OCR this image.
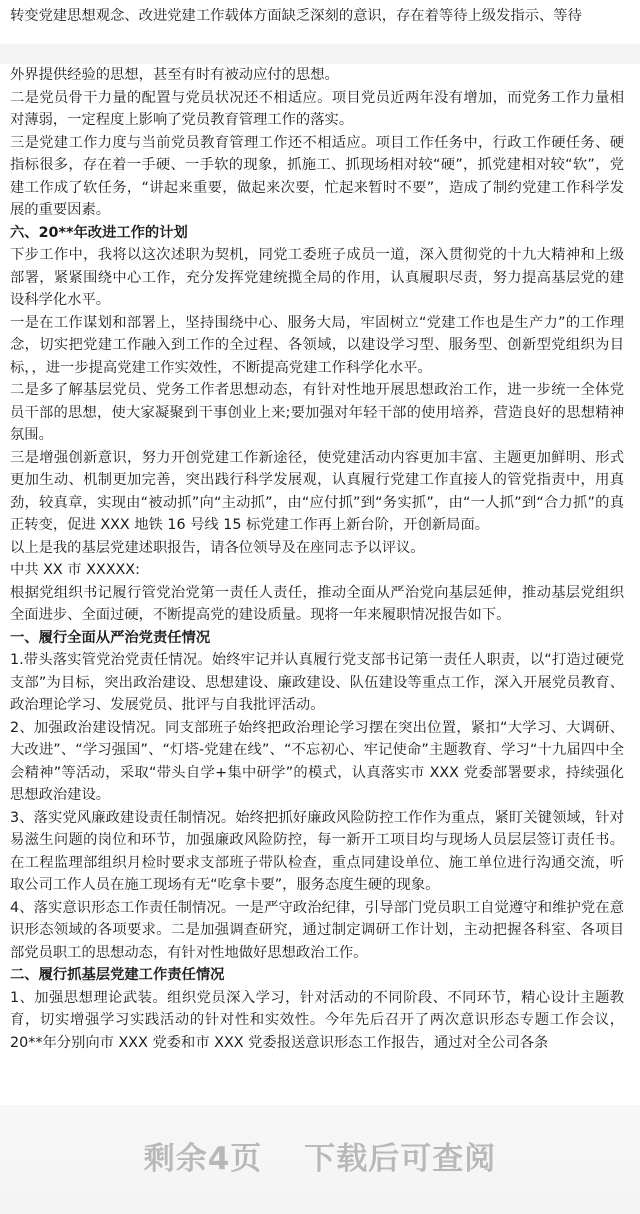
转变党建思想观念、改进党建工作载体方面缺乏深刻的意识，存在着等待上级发指示、等待

外界提供经验的思想，甚至有时有被动应付的思想。

二是党员骨干力量的配置与党员状况还不相适应。项目党员近两年没有增加，而党务工作力量相对薄弱，一定程度上影响了党员教育管理工作的落实。

三是党建工作力度与当前党员教育管理工作还不相适应。项目工作任务中，行政工作硬任务、硬指标很多，存在着一手硬、一手软的现象，抓施工、抓现场相对较“硬”，抓党建相对较“软”，党建工作成了软任务，“讲起来重要，做起来次要，忙起来暂时不要”，造成了制约党建工作科学发展的重要因素。

六、20**年改进工作的计划

下步工作中，我将以这次述职为契机，同党工委班子成员一道，深入贯彻党的十九大精神和上级部署，紧紧围绕中心工作，充分发挥党建统揽全局的作用，认真履职尽责，努力提高基层党的建设科学化水平。

一是在工作谋划和部署上，坚持围绕中心、服务大局，牢固树立“党建工作也是生产力”的工作理念，切实把党建工作融入到工作的全过程、各领域，以建设学习型、服务型、创新型党组织为目标，，进一步提高党建工作实效性，不断提高党建工作科学化水平。

二是多了解基层党员、党务工作者思想动态，有针对性地开展思想政治工作，进一步统一全体党员干部的思想，使大家凝聚到干事创业上来;要加强对年轻干部的使用培养，营造良好的思想精神氛围。

三是增强创新意识，努力开创党建工作新途径，使党建活动内容更加丰富、主题更加鲜明、形式更加生动、机制更加完善，突出践行科学发展观，认真履行党建工作直接人的管党指责中，用真劲，较真章，实现由“被动抓”向“主动抓”，由“应付抓”到“务实抓”，由“一人抓”到“合力抓”的真正转变，促进 XXX 地铁 16 号线 15 标党建工作再上新台阶，开创新局面。

以上是我的基层党建述职报告，请各位领导及在座同志予以评议。

中共 XX 市 XXXXX:

根据党组织书记履行管党治党第一责任人责任，推动全面从严治党向基层延伸，推动基层党组织全面进步、全面过硬，不断提高党的建设质量。现将一年来履职情况报告如下。

一、履行全面从严治党责任情况

1.带头落实管党治党责任情况。始终牢记并认真履行党支部书记第一责任人职责，以“打造过硬党支部”为目标，突出政治建设、思想建设、廉政建设、队伍建设等重点工作，深入开展党员教育、政治理论学习、发展党员、批评与自我批评活动。

2、加强政治建设情况。同支部班子始终把政治理论学习摆在突出位置，紧扣“大学习、大调研、大改进”、“学习强国”、“灯塔-党建在线”、“不忘初心、牢记使命”主题教育、学习“十九届四中全会精神”等活动，采取“带头自学+集中研学”的模式，认真落实市 XXX 党委部署要求，持续强化思想政治建设。

3、落实党风廉政建设责任制情况。始终把抓好廉政风险防控工作作为重点，紧盯关键领域，针对易滋生问题的岗位和环节，加强廉政风险防控，每一新开工项目均与现场人员层层签订责任书。在工程监理部组织月检时要求支部班子带队检查，重点同建设单位、施工单位进行沟通交流，听取公司工作人员在施工现场有无“吃拿卡要”，服务态度生硬的现象。

4、落实意识形态工作责任制情况。一是严守政治纪律，引导部门党员职工自觉遵守和维护党在意识形态领域的各项要求。二是加强调查研究，通过制定调研工作计划，主动把握各科室、各项目部党员职工的思想动态，有针对性地做好思想政治工作。

二、履行抓基层党建工作责任情况

1、加强思想理论武装。组织党员深入学习，针对活动的不同阶段、不同环节，精心设计主题教育，切实增强学习实践活动的针对性和实效性。今年先后召开了两次意识形态专题工作会议，20**年分别向市 XXX 党委和市 XXX 党委报送意识形态工作报告，通过对全公司各条

剩余4页 下载后可查阅
